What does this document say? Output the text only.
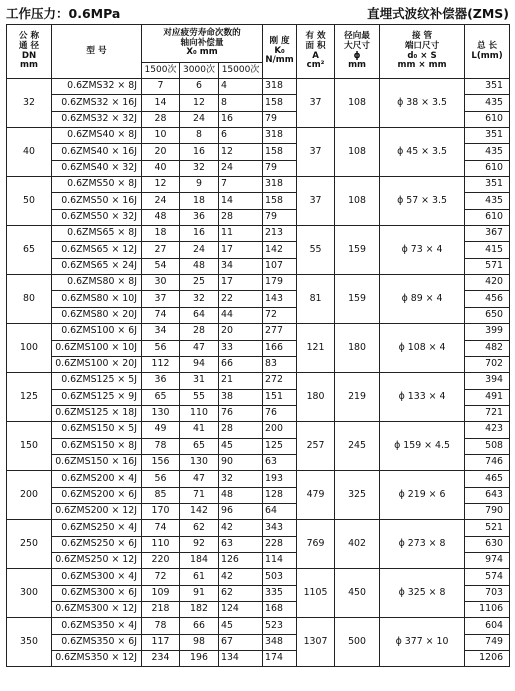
工作压力：0.6MPa	直埋式波纹补偿器(ZMS)
公 称
通 径
DN
mm	型 号	对应疲劳寿命次数的
轴向补偿量
X₀ mm			刚 度
K₀
N/mm	有 效
面 积
A
cm²	径向最
大尺寸
ϕ
mm	接 管
端口尺寸
d₀ × S
mm × mm	总 长
L(mm)

		1500次	3000次	15000次					
32	0.6ZMS32 × 8J	7	6	4	318	37	108	ϕ 38 × 3.5	351
	0.6ZMS32 × 16J	14	12	8	158				435
	0.6ZMS32 × 32J	28	24	16	79				610
40	0.6ZMS40 × 8J	10	8	6	318	37	108	ϕ 45 × 3.5	351
	0.6ZMS40 × 16J	20	16	12	158				435
	0.6ZMS40 × 32J	40	32	24	79				610
50	0.6ZMS50 × 8J	12	9	7	318	37	108	ϕ 57 × 3.5	351
	0.6ZMS50 × 16J	24	18	14	158				435
	0.6ZMS50 × 32J	48	36	28	79				610
65	0.6ZMS65 × 8J	18	16	11	213	55	159	ϕ 73 × 4	367
	0.6ZMS65 × 12J	27	24	17	142				415
	0.6ZMS65 × 24J	54	48	34	107				571
80	0.6ZMS80 × 8J	30	25	17	179	81	159	ϕ 89 × 4	420
	0.6ZMS80 × 10J	37	32	22	143				456
	0.6ZMS80 × 20J	74	64	44	72				650
100	0.6ZMS100 × 6J	34	28	20	277	121	180	ϕ 108 × 4	399
	0.6ZMS100 × 10J	56	47	33	166				482
	0.6ZMS100 × 20J	112	94	66	83				702
125	0.6ZMS125 × 5J	36	31	21	272	180	219	ϕ 133 × 4	394
	0.6ZMS125 × 9J	65	55	38	151				491
	0.6ZMS125 × 18J	130	110	76	76				721
150	0.6ZMS150 × 5J	49	41	28	200	257	245	ϕ 159 × 4.5	423
	0.6ZMS150 × 8J	78	65	45	125				508
	0.6ZMS150 × 16J	156	130	90	63				746
200	0.6ZMS200 × 4J	56	47	32	193	479	325	ϕ 219 × 6	465
	0.6ZMS200 × 6J	85	71	48	128				643
	0.6ZMS200 × 12J	170	142	96	64				790
250	0.6ZMS250 × 4J	74	62	42	343	769	402	ϕ 273 × 8	521
	0.6ZMS250 × 6J	110	92	63	228				630
	0.6ZMS250 × 12J	220	184	126	114				974
300	0.6ZMS300 × 4J	72	61	42	503	1105	450	ϕ 325 × 8	574
	0.6ZMS300 × 6J	109	91	62	335				703
	0.6ZMS300 × 12J	218	182	124	168				1106
350	0.6ZMS350 × 4J	78	66	45	523	1307	500	ϕ 377 × 10	604
	0.6ZMS350 × 6J	117	98	67	348				749
	0.6ZMS350 × 12J	234	196	134	174				1206
